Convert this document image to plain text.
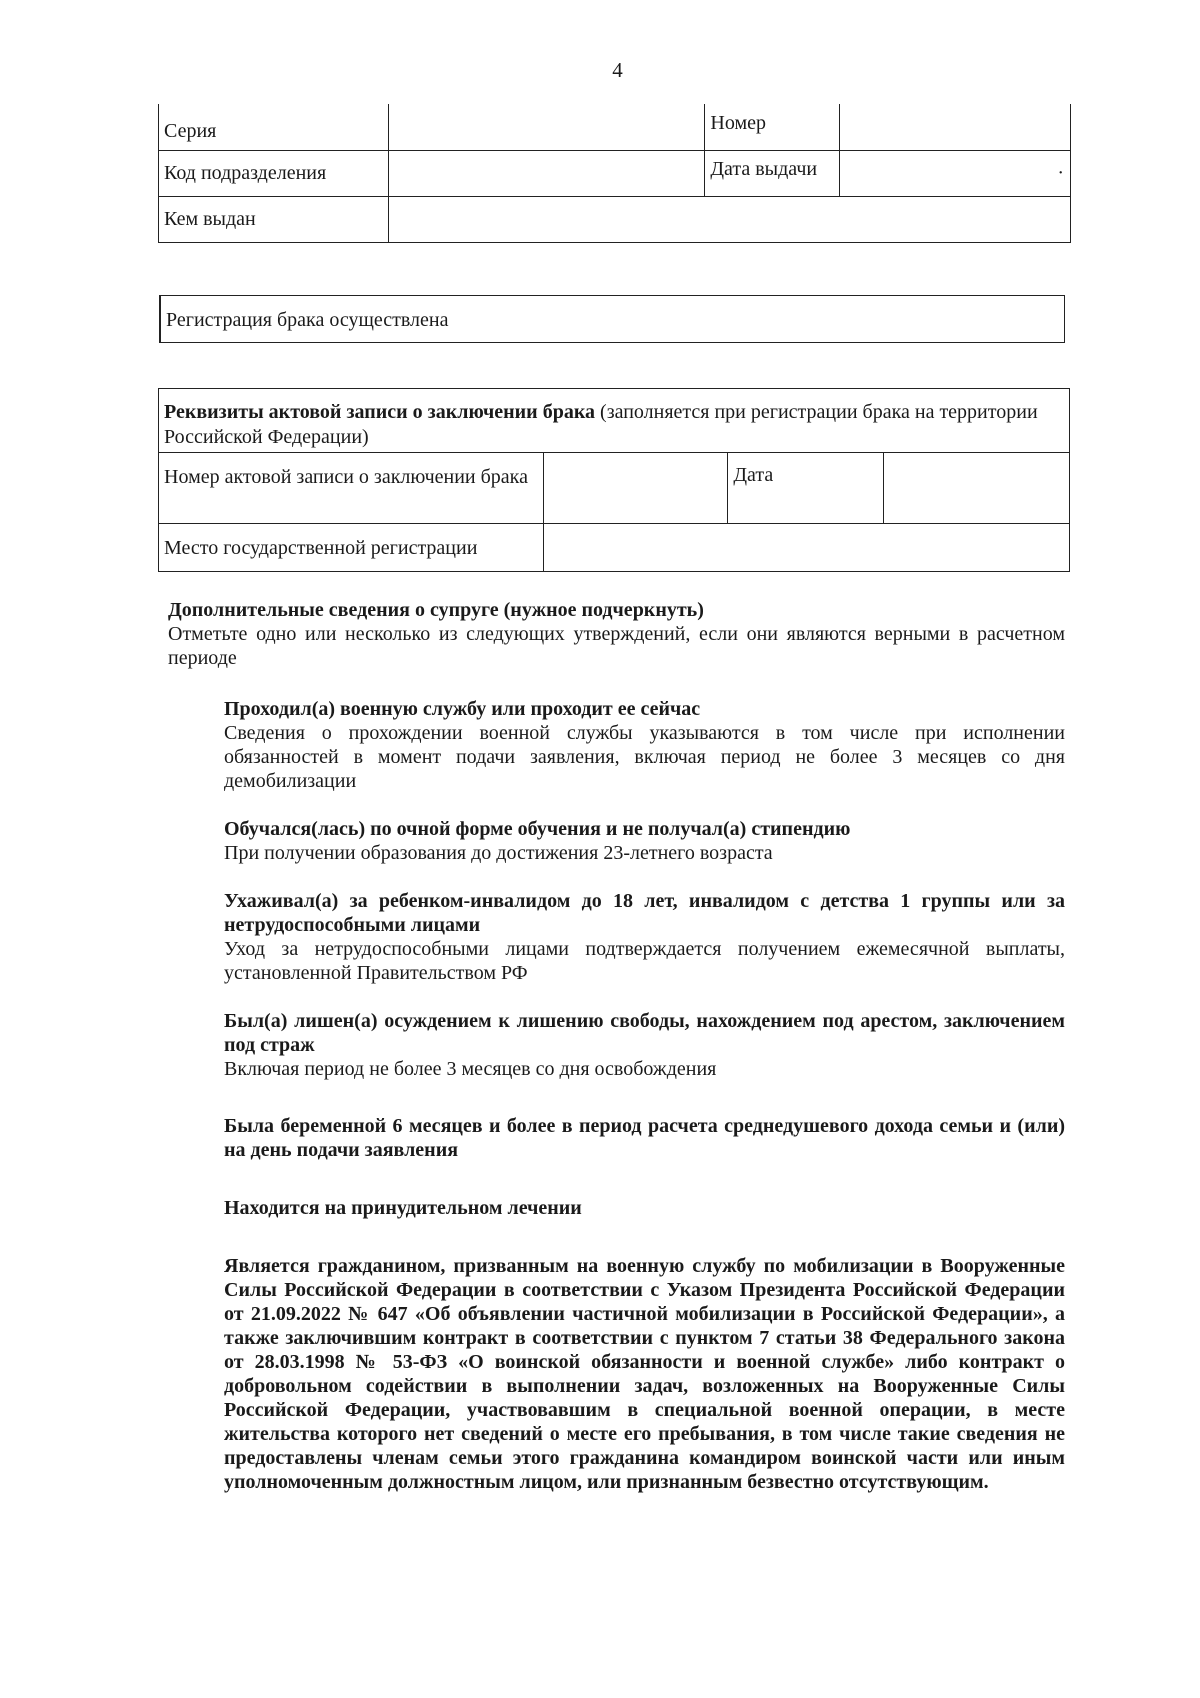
4
Серия		Номер	
Код подразделения		Дата выдачи	·
Кем выдан			
Регистрация брака осуществлена
Реквизиты актовой записи о заключении брака (заполняется при регистрации брака на территории Российской Федерации)			
Номер актовой записи о заключении брака		Дата	
Место государственной регистрации			
Дополнительные сведения о супруге (нужное подчеркнуть)
Отметьте одно или несколько из следующих утверждений, если они являются верными в расчетном периоде
Проходил(а) военную службу или проходит ее сейчас
Сведения о прохождении военной службы указываются в том числе при исполнении обязанностей в момент подачи заявления, включая период не более 3 месяцев со дня демобилизации
Обучался(лась) по очной форме обучения и не получал(а) стипендию
При получении образования до достижения 23-летнего возраста
Ухаживал(а) за ребенком-инвалидом до 18 лет, инвалидом с детства 1 группы или за нетрудоспособными лицами
Уход за нетрудоспособными лицами подтверждается получением ежемесячной выплаты, установленной Правительством РФ
Был(а) лишен(а) осуждением к лишению свободы, нахождением под арестом, заключением под страж
Включая период не более 3 месяцев со дня освобождения
Была беременной 6 месяцев и более в период расчета среднедушевого дохода семьи и (или) на день подачи заявления
Находится на принудительном лечении
Является гражданином, призванным на военную службу по мобилизации в Вооруженные Силы Российской Федерации в соответствии с Указом Президента Российской Федерации от 21.09.2022 № 647 «Об объявлении частичной мобилизации в Российской Федерации», а также заключившим контракт в соответствии с пунктом 7 статьи 38 Федерального закона от 28.03.1998 № 53-ФЗ «О воинской обязанности и военной службе» либо контракт о добровольном содействии в выполнении задач, возложенных на Вооруженные Силы Российской Федерации, участвовавшим в специальной военной операции, в месте жительства которого нет сведений о месте его пребывания, в том числе такие сведения не предоставлены членам семьи этого гражданина командиром воинской части или иным уполномоченным должностным лицом, или признанным безвестно отсутствующим.
